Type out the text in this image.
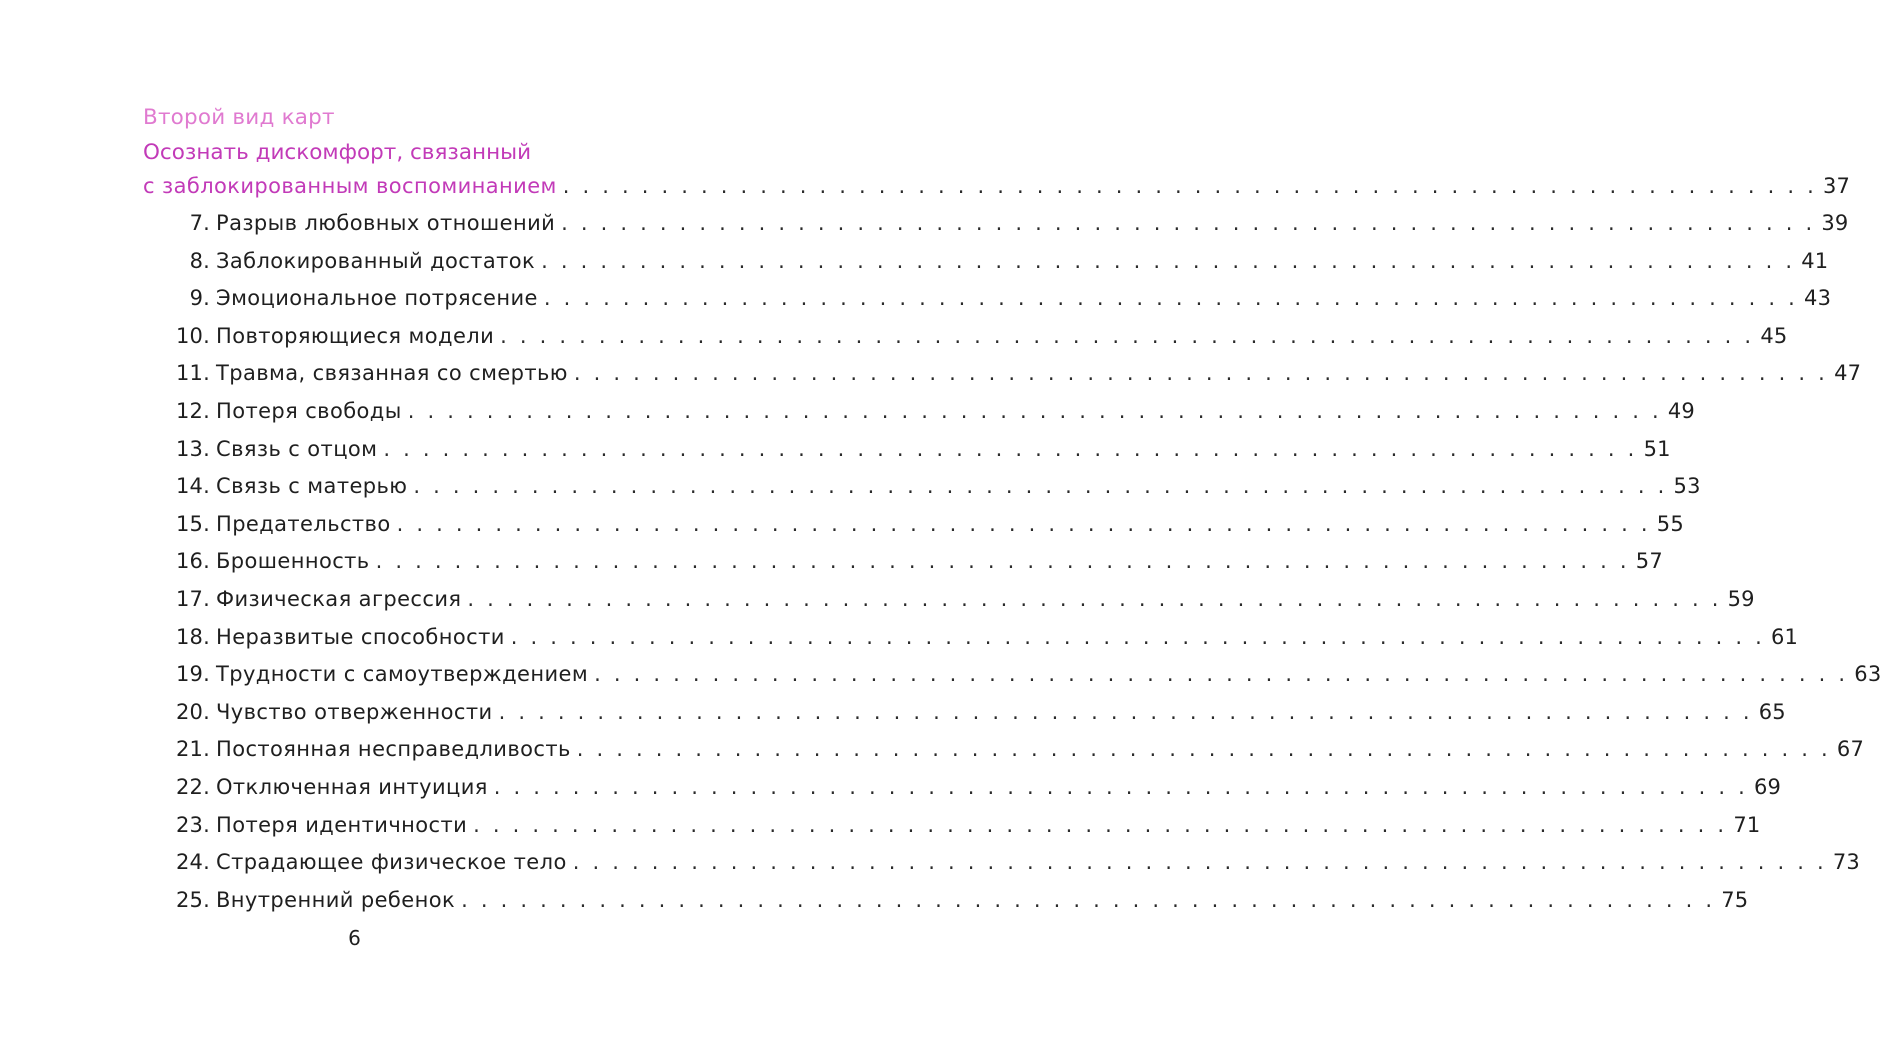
Второй вид карт
Осознать дискомфорт, связанный
с заблокированным воспоминанием . . . . . . . . . . . . . . . . . . . . . . . . . . . . . . . . . . . . . . . . . . . . . . . . . . . . . . . . . . . . . . . . 37
7. Разрыв любовных отношений . . . . . . . . . . . . . . . . . . . . . . . . . . . . . . . . . . . . . . . . . . . . . . . . . . . . . . . . . . . . . . . . 39
8. Заблокированный достаток . . . . . . . . . . . . . . . . . . . . . . . . . . . . . . . . . . . . . . . . . . . . . . . . . . . . . . . . . . . . . . . . 41
9. Эмоциональное потрясение . . . . . . . . . . . . . . . . . . . . . . . . . . . . . . . . . . . . . . . . . . . . . . . . . . . . . . . . . . . . . . . . 43
10. Повторяющиеся модели . . . . . . . . . . . . . . . . . . . . . . . . . . . . . . . . . . . . . . . . . . . . . . . . . . . . . . . . . . . . . . . . 45
11. Травма, связанная со смертью . . . . . . . . . . . . . . . . . . . . . . . . . . . . . . . . . . . . . . . . . . . . . . . . . . . . . . . . . . . . . . . . 47
12. Потеря свободы . . . . . . . . . . . . . . . . . . . . . . . . . . . . . . . . . . . . . . . . . . . . . . . . . . . . . . . . . . . . . . . . 49
13. Связь с отцом . . . . . . . . . . . . . . . . . . . . . . . . . . . . . . . . . . . . . . . . . . . . . . . . . . . . . . . . . . . . . . . . 51
14. Связь с матерью . . . . . . . . . . . . . . . . . . . . . . . . . . . . . . . . . . . . . . . . . . . . . . . . . . . . . . . . . . . . . . . . 53
15. Предательство . . . . . . . . . . . . . . . . . . . . . . . . . . . . . . . . . . . . . . . . . . . . . . . . . . . . . . . . . . . . . . . . 55
16. Брошенность . . . . . . . . . . . . . . . . . . . . . . . . . . . . . . . . . . . . . . . . . . . . . . . . . . . . . . . . . . . . . . . . 57
17. Физическая агрессия . . . . . . . . . . . . . . . . . . . . . . . . . . . . . . . . . . . . . . . . . . . . . . . . . . . . . . . . . . . . . . . . 59
18. Неразвитые способности . . . . . . . . . . . . . . . . . . . . . . . . . . . . . . . . . . . . . . . . . . . . . . . . . . . . . . . . . . . . . . . . 61
19. Трудности с самоутверждением . . . . . . . . . . . . . . . . . . . . . . . . . . . . . . . . . . . . . . . . . . . . . . . . . . . . . . . . . . . . . . . . 63
20. Чувство отверженности . . . . . . . . . . . . . . . . . . . . . . . . . . . . . . . . . . . . . . . . . . . . . . . . . . . . . . . . . . . . . . . . 65
21. Постоянная несправедливость . . . . . . . . . . . . . . . . . . . . . . . . . . . . . . . . . . . . . . . . . . . . . . . . . . . . . . . . . . . . . . . . 67
22. Отключенная интуиция . . . . . . . . . . . . . . . . . . . . . . . . . . . . . . . . . . . . . . . . . . . . . . . . . . . . . . . . . . . . . . . . 69
23. Потеря идентичности . . . . . . . . . . . . . . . . . . . . . . . . . . . . . . . . . . . . . . . . . . . . . . . . . . . . . . . . . . . . . . . . 71
24. Страдающее физическое тело . . . . . . . . . . . . . . . . . . . . . . . . . . . . . . . . . . . . . . . . . . . . . . . . . . . . . . . . . . . . . . . . 73
25. Внутренний ребенок . . . . . . . . . . . . . . . . . . . . . . . . . . . . . . . . . . . . . . . . . . . . . . . . . . . . . . . . . . . . . . . . 75
6
